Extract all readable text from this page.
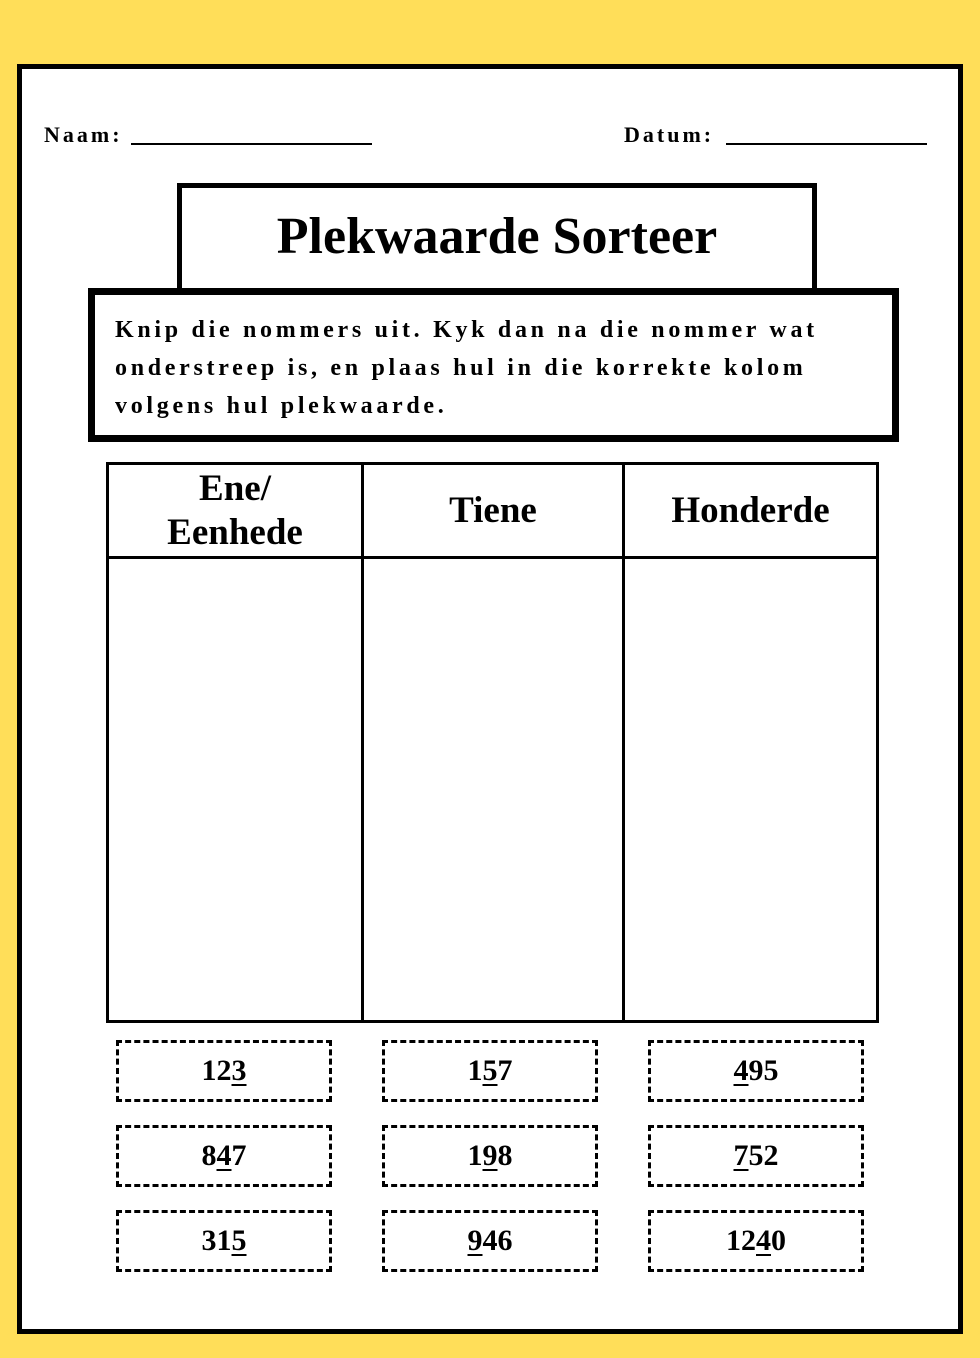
Naam:	Datum:
Plekwaarde Sorteer

Knip die nommers uit. Kyk dan na die nommer wat onderstreep is, en plaas hul in die korrekte kolom volgens hul plekwaarde.

Ene/
Eenhede
Tiene	Honderde
12 3	1 5 7	4 95
8 4 7	1 9 8	7 52
31 5	9 46	12 4 0
